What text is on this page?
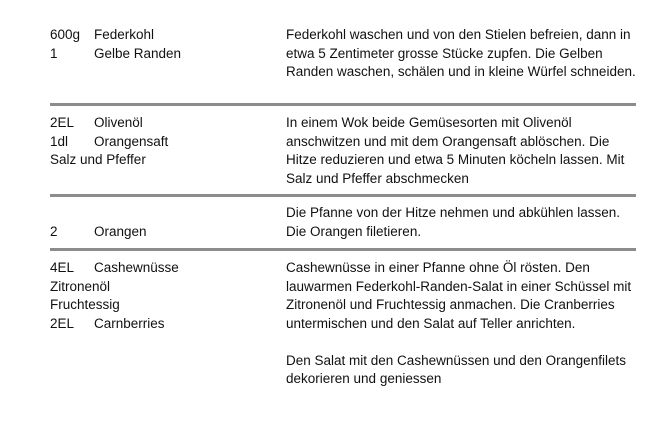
600g	Federkohl
1	Gelbe Randen

Federkohl waschen und von den Stielen befreien, dann in etwa 5 Zentimeter grosse Stücke zupfen. Die Gelben Randen waschen, schälen und in kleine Würfel schneiden.

2EL	Olivenöl
1dl	Orangensaft
Salz und Pfeffer

In einem Wok beide Gemüsesorten mit Olivenöl anschwitzen und mit dem Orangensaft ablöschen. Die Hitze reduzieren und etwa 5 Minuten köcheln lassen. Mit Salz und Pfeffer abschmecken

2	Orangen

Die Pfanne von der Hitze nehmen und abkühlen lassen. Die Orangen filetieren.

4EL	Cashewnüsse
Zitronenöl
Fruchtessig
2EL	Carnberries

Cashewnüsse in einer Pfanne ohne Öl rösten. Den lauwarmen Federkohl-Randen-Salat in einer Schüssel mit Zitronenöl und Fruchtessig anmachen. Die Cranberries untermischen und den Salat auf Teller anrichten.

Den Salat mit den Cashewnüssen und den Orangenfilets dekorieren und geniessen
